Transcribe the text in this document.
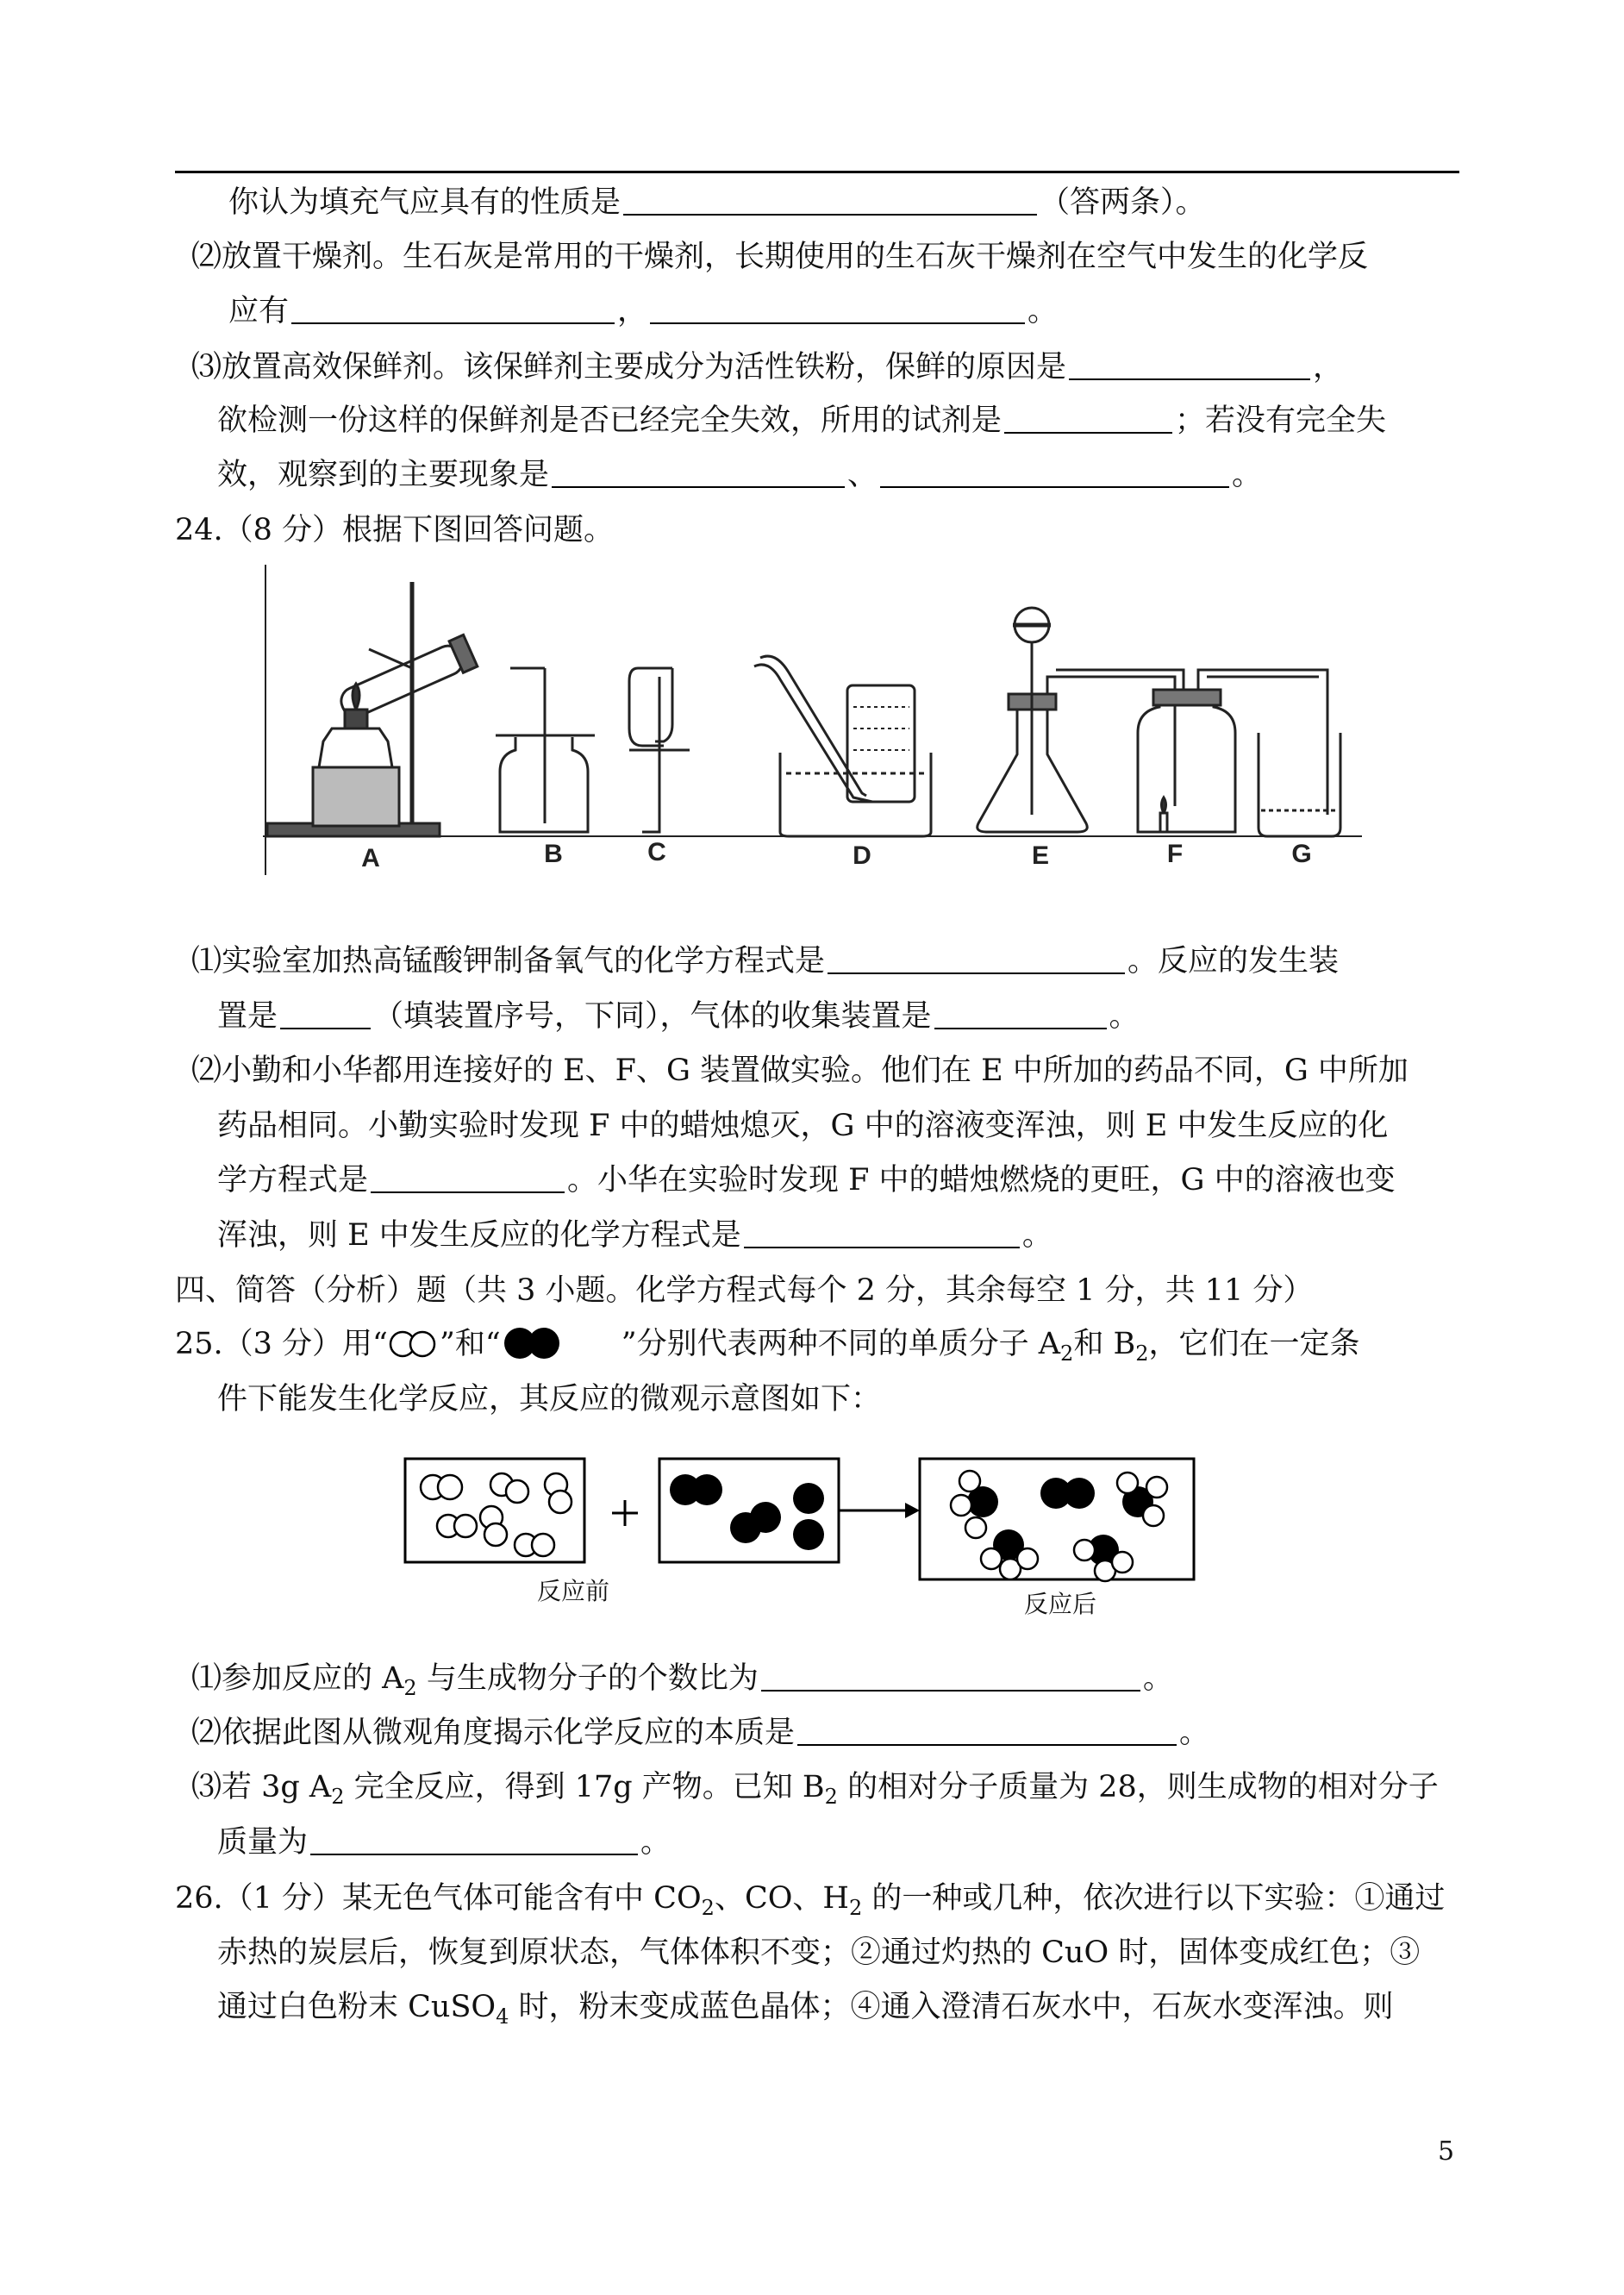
你认为填充气应具有的性质是	（答两条）。
⑵放置干燥剂。生石灰是常用的干燥剂，长期使用的生石灰干燥剂在空气中发生的化学反
应有	，	。
⑶放置高效保鲜剂。该保鲜剂主要成分为活性铁粉，保鲜的原因是	，
欲检测一份这样的保鲜剂是否已经完全失效，所用的试剂是	；若没有完全失
效，观察到的主要现象是	、	。
24.（8 分）根据下图回答问题。
A	B	C	D	E	F	G
⑴实验室加热高锰酸钾制备氧气的化学方程式是	。反应的发生装
置是	（填装置序号，下同），气体的收集装置是	。
⑵小勤和小华都用连接好的 E、F、G 装置做实验。他们在 E 中所加的药品不同，G 中所加
药品相同。小勤实验时发现 F 中的蜡烛熄灭，G 中的溶液变浑浊，则 E 中发生反应的化
学方程式是	。小华在实验时发现 F 中的蜡烛燃烧的更旺，G 中的溶液也变
浑浊，则 E 中发生反应的化学方程式是	。
四、简答（分析）题（共 3 小题。化学方程式每个 2 分，其余每空 1 分，共 11 分）
25.（3 分）用“ ”和“	”分别代表两种不同的单质分子 $A_2$和 $B_2$，它们在一定条
件下能发生化学反应，其反应的微观示意图如下：
反应前	反应后
⑴参加反应的 $A_2$ 与生成物分子的个数比为	。
⑵依据此图从微观角度揭示化学反应的本质是	。
⑶若 3g $A_2$ 完全反应，得到 17g 产物。已知 $B_2$ 的相对分子质量为 28，则生成物的相对分子
质量为	。
26.（1 分）某无色气体可能含有中 $CO_2$、CO、$H_2$ 的一种或几种，依次进行以下实验：①通过
赤热的炭层后，恢复到原状态，气体体积不变；②通过灼热的 CuO 时，固体变成红色；③
通过白色粉末 CuSO$_4$ 时，粉末变成蓝色晶体；④通入澄清石灰水中，石灰水变浑浊。则
5
